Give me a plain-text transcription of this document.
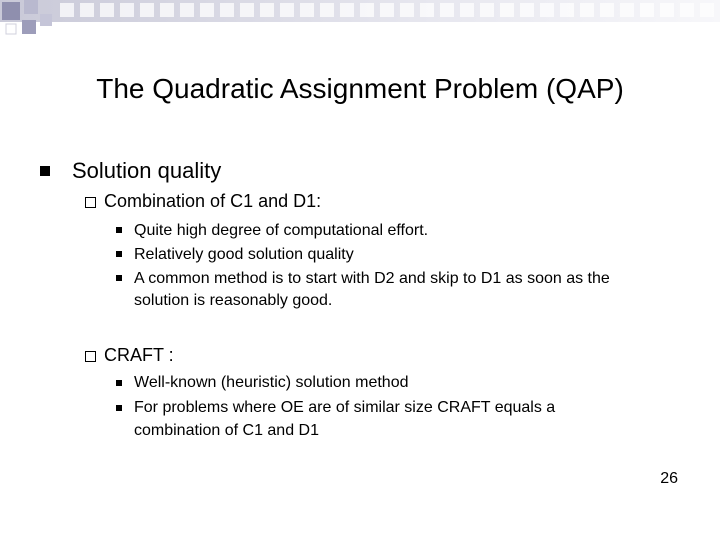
The Quadratic Assignment Problem (QAP)
Solution quality
Combination of C1 and D1:
Quite high degree of computational effort.
Relatively good solution quality
A common method is to start with D2 and skip to D1 as soon as the
solution is reasonably good.
CRAFT :
Well-known (heuristic) solution method
For problems where OE are of similar size CRAFT equals a
combination of C1 and D1
26
